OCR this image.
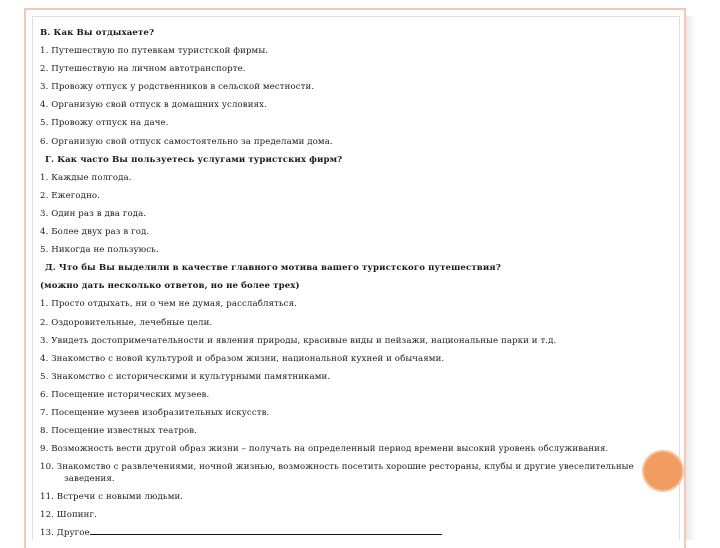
В. Как Вы отдыхаете?
1. Путешествую по путевкам туристской фирмы.
2. Путешествую на личном автотранспорте.
3. Провожу отпуск у родственников в сельской местности.
4. Организую свой отпуск в домашних условиях.
5. Провожу отпуск на даче.
6. Организую свой отпуск самостоятельно за пределами дома.
Г. Как часто Вы пользуетесь услугами туристских фирм?
1. Каждые полгода.
2. Ежегодно.
3. Один раз в два года.
4. Более двух раз в год.
5. Никогда не пользуюсь.
Д. Что бы Вы выделили в качестве главного мотива вашего туристского путешествия?
(можно дать несколько ответов, но не более трех)
1. Просто отдыхать, ни о чем не думая, расслабляться.
2. Оздоровительные, лечебные цели.
3. Увидеть достопримечательности и явления природы, красивые виды и пейзажи, национальные парки и т.д.
4. Знакомство с новой культурой и образом жизни, национальной кухней и обычаями.
5. Знакомство с историческими и культурными памятниками.
6. Посещение исторических музеев.
7. Посещение музеев изобразительных искусств.
8. Посещение известных театров.
9. Возможность вести другой образ жизни – получать на определенный период времени высокий уровень обслуживания.
10. Знакомство с развлечениями, ночной жизнью, возможность посетить хорошие рестораны, клубы и другие увеселительные
заведения.
11. Встречи с новыми людьми.
12. Шопинг.
13. Другое
